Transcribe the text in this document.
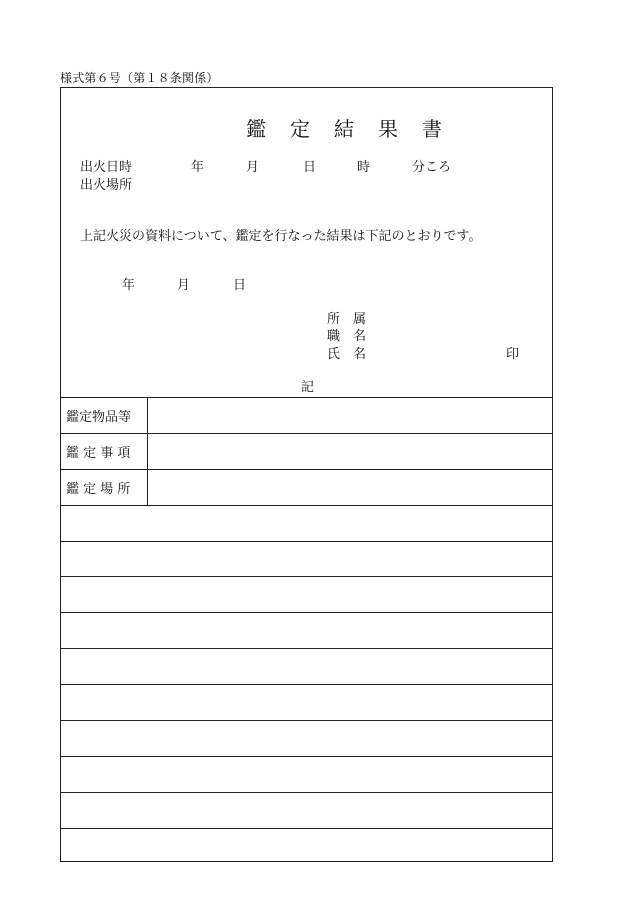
様式第６号（第１８条関係）
鑑　定　結　果　書
出火日時	年	月	日	時	分ころ
出火場所
上記火災の資料について、鑑定を行なった結果は下記のとおりです。
年	月	日
所　属
職　名
氏　名	印
記
鑑定物品等
鑑 定 事 項
鑑 定 場 所
